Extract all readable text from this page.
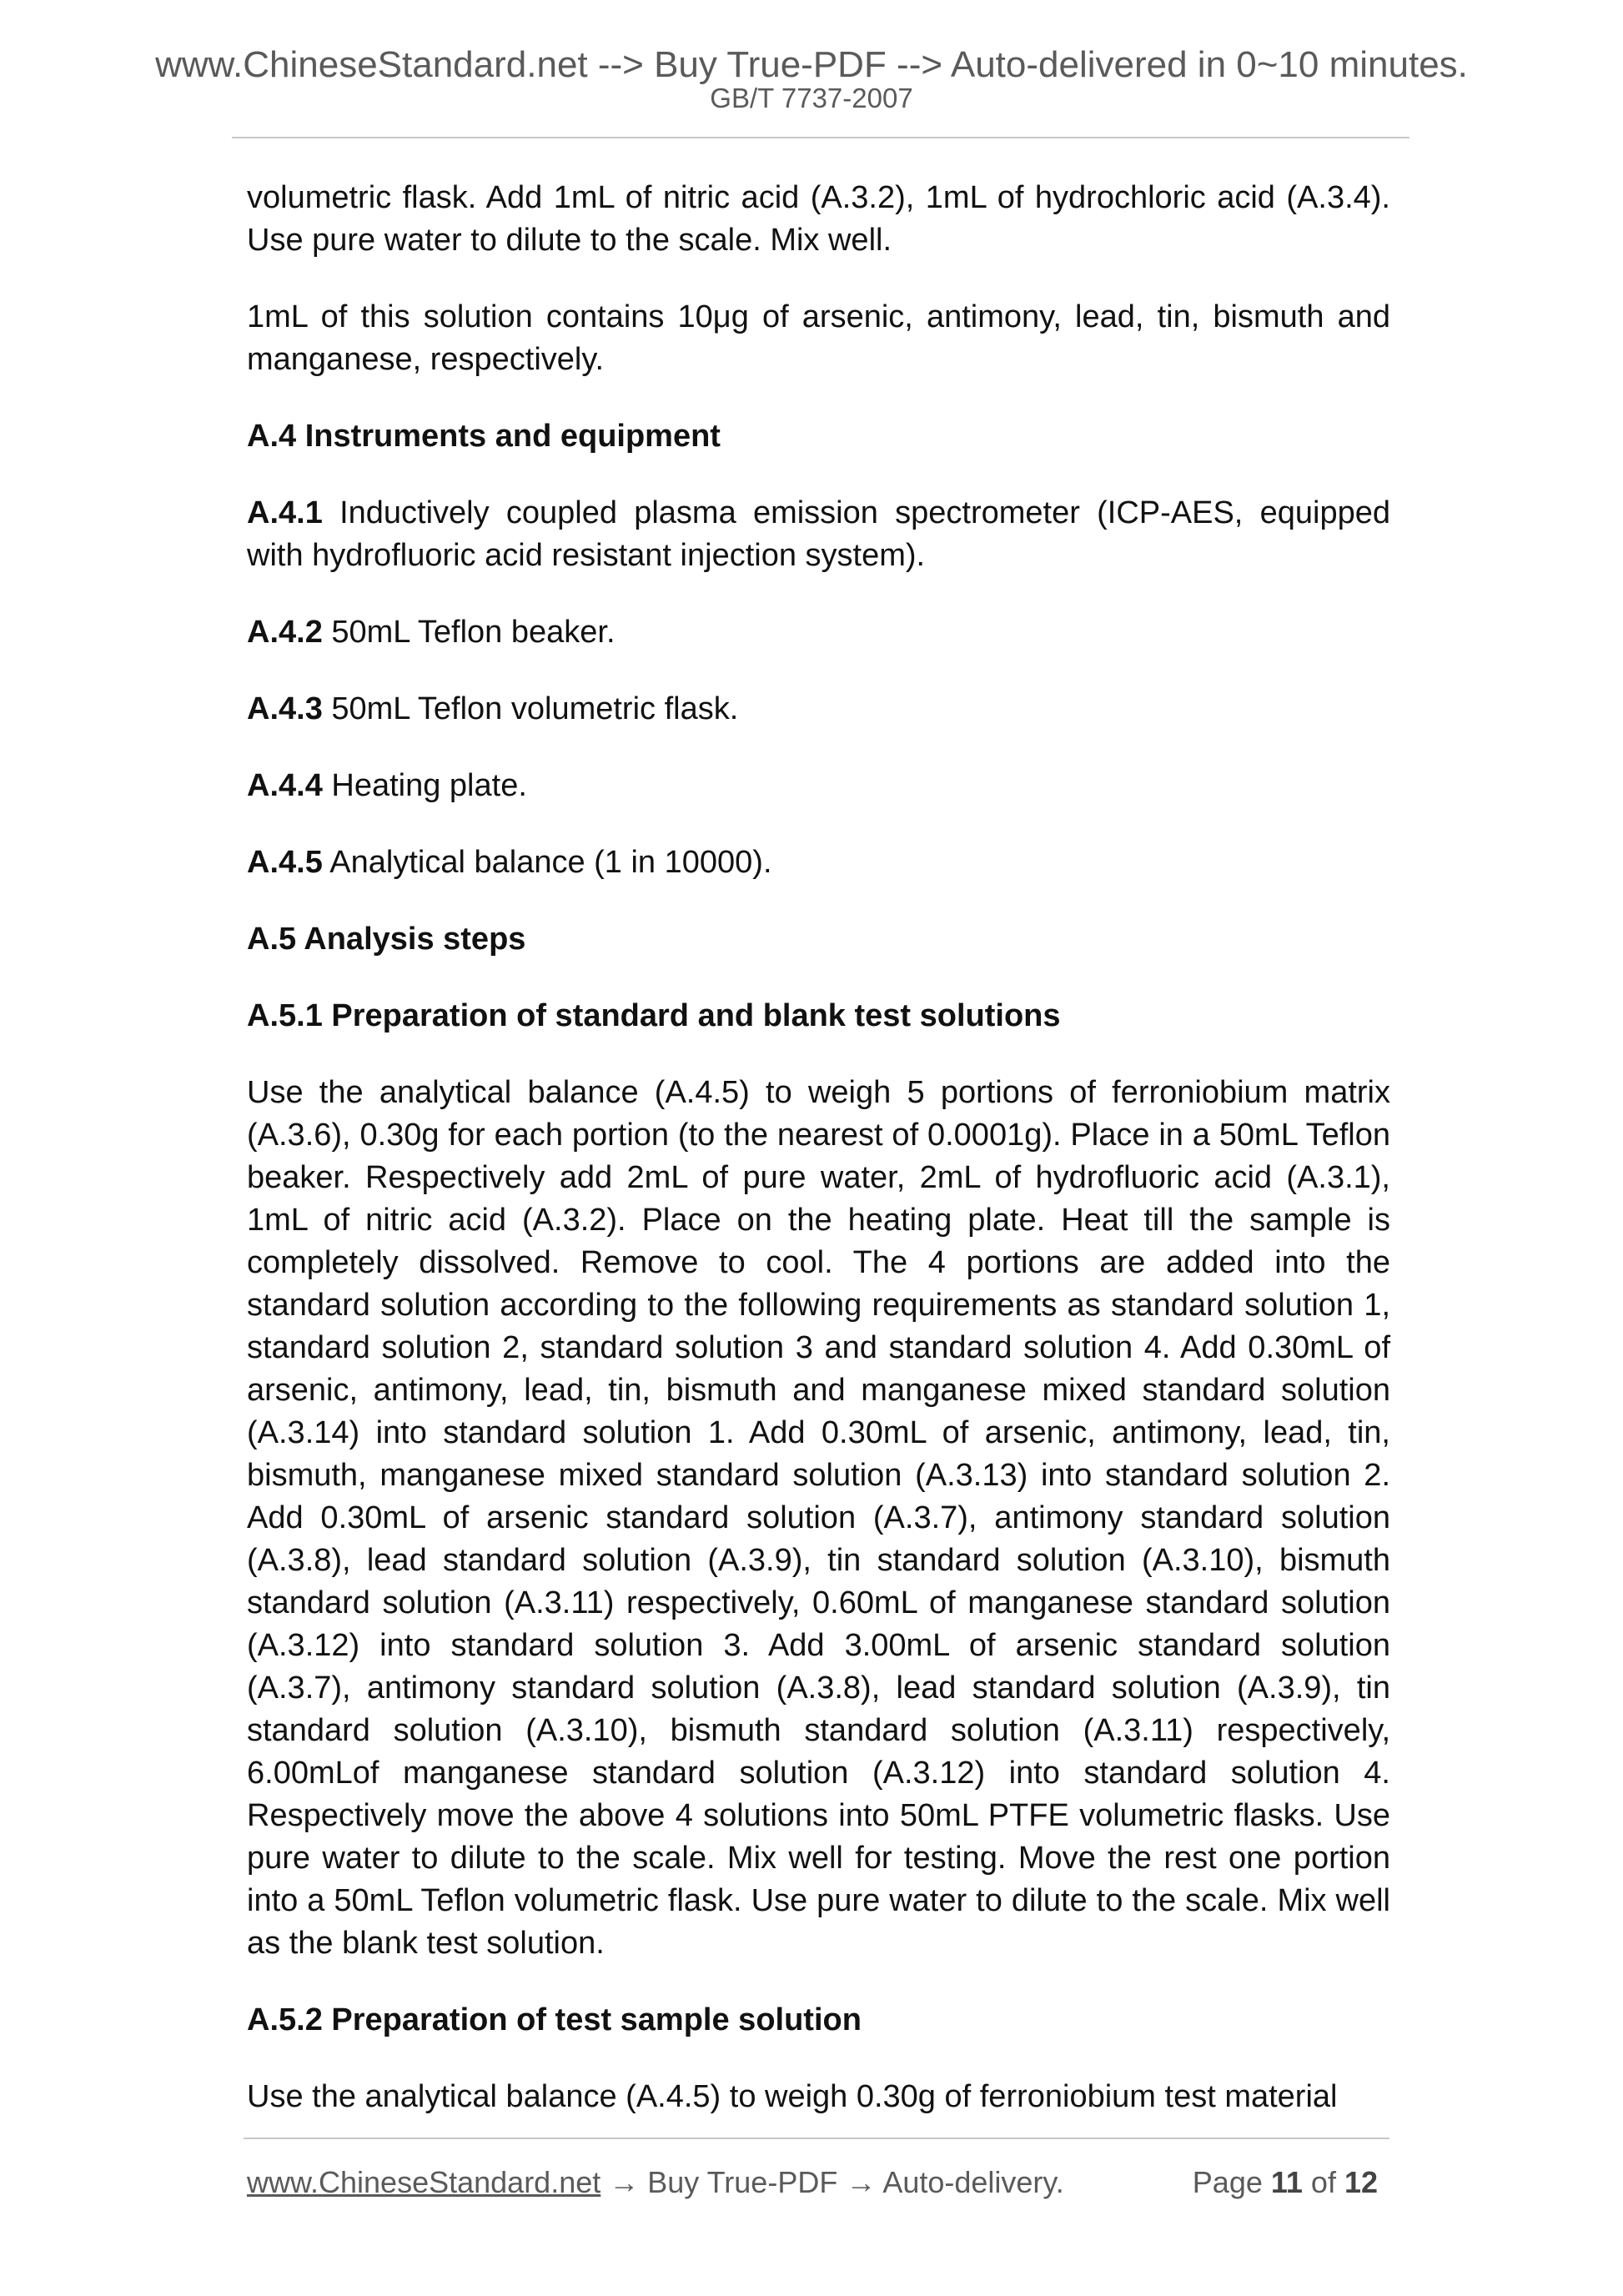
www.ChineseStandard.net --> Buy True-PDF --> Auto-delivered in 0~10 minutes.
GB/T 7737-2007

volumetric flask. Add 1mL of nitric acid (A.3.2), 1mL of hydrochloric acid (A.3.4). Use pure water to dilute to the scale. Mix well.

1mL of this solution contains 10μg of arsenic, antimony, lead, tin, bismuth and manganese, respectively.

A.4 Instruments and equipment

A.4.1 Inductively coupled plasma emission spectrometer (ICP-AES, equipped with hydrofluoric acid resistant injection system).

A.4.2 50mL Teflon beaker.

A.4.3 50mL Teflon volumetric flask.

A.4.4 Heating plate.

A.4.5 Analytical balance (1 in 10000).

A.5 Analysis steps

A.5.1 Preparation of standard and blank test solutions

Use the analytical balance (A.4.5) to weigh 5 portions of ferroniobium matrix (A.3.6), 0.30g for each portion (to the nearest of 0.0001g). Place in a 50mL Teflon beaker. Respectively add 2mL of pure water, 2mL of hydrofluoric acid (A.3.1), 1mL of nitric acid (A.3.2). Place on the heating plate. Heat till the sample is completely dissolved. Remove to cool. The 4 portions are added into the standard solution according to the following requirements as standard solution 1, standard solution 2, standard solution 3 and standard solution 4. Add 0.30mL of arsenic, antimony, lead, tin, bismuth and manganese mixed standard solution (A.3.14) into standard solution 1. Add 0.30mL of arsenic, antimony, lead, tin, bismuth, manganese mixed standard solution (A.3.13) into standard solution 2. Add 0.30mL of arsenic standard solution (A.3.7), antimony standard solution (A.3.8), lead standard solution (A.3.9), tin standard solution (A.3.10), bismuth standard solution (A.3.11) respectively, 0.60mL of manganese standard solution (A.3.12) into standard solution 3. Add 3.00mL of arsenic standard solution (A.3.7), antimony standard solution (A.3.8), lead standard solution (A.3.9), tin standard solution (A.3.10), bismuth standard solution (A.3.11) respectively, 6.00mLof manganese standard solution (A.3.12) into standard solution 4. Respectively move the above 4 solutions into 50mL PTFE volumetric flasks. Use pure water to dilute to the scale. Mix well for testing. Move the rest one portion into a 50mL Teflon volumetric flask. Use pure water to dilute to the scale. Mix well as the blank test solution.

A.5.2 Preparation of test sample solution

Use the analytical balance (A.4.5) to weigh 0.30g of ferroniobium test material

www.ChineseStandard.net → Buy True-PDF → Auto-delivery.	Page 11 of 12
